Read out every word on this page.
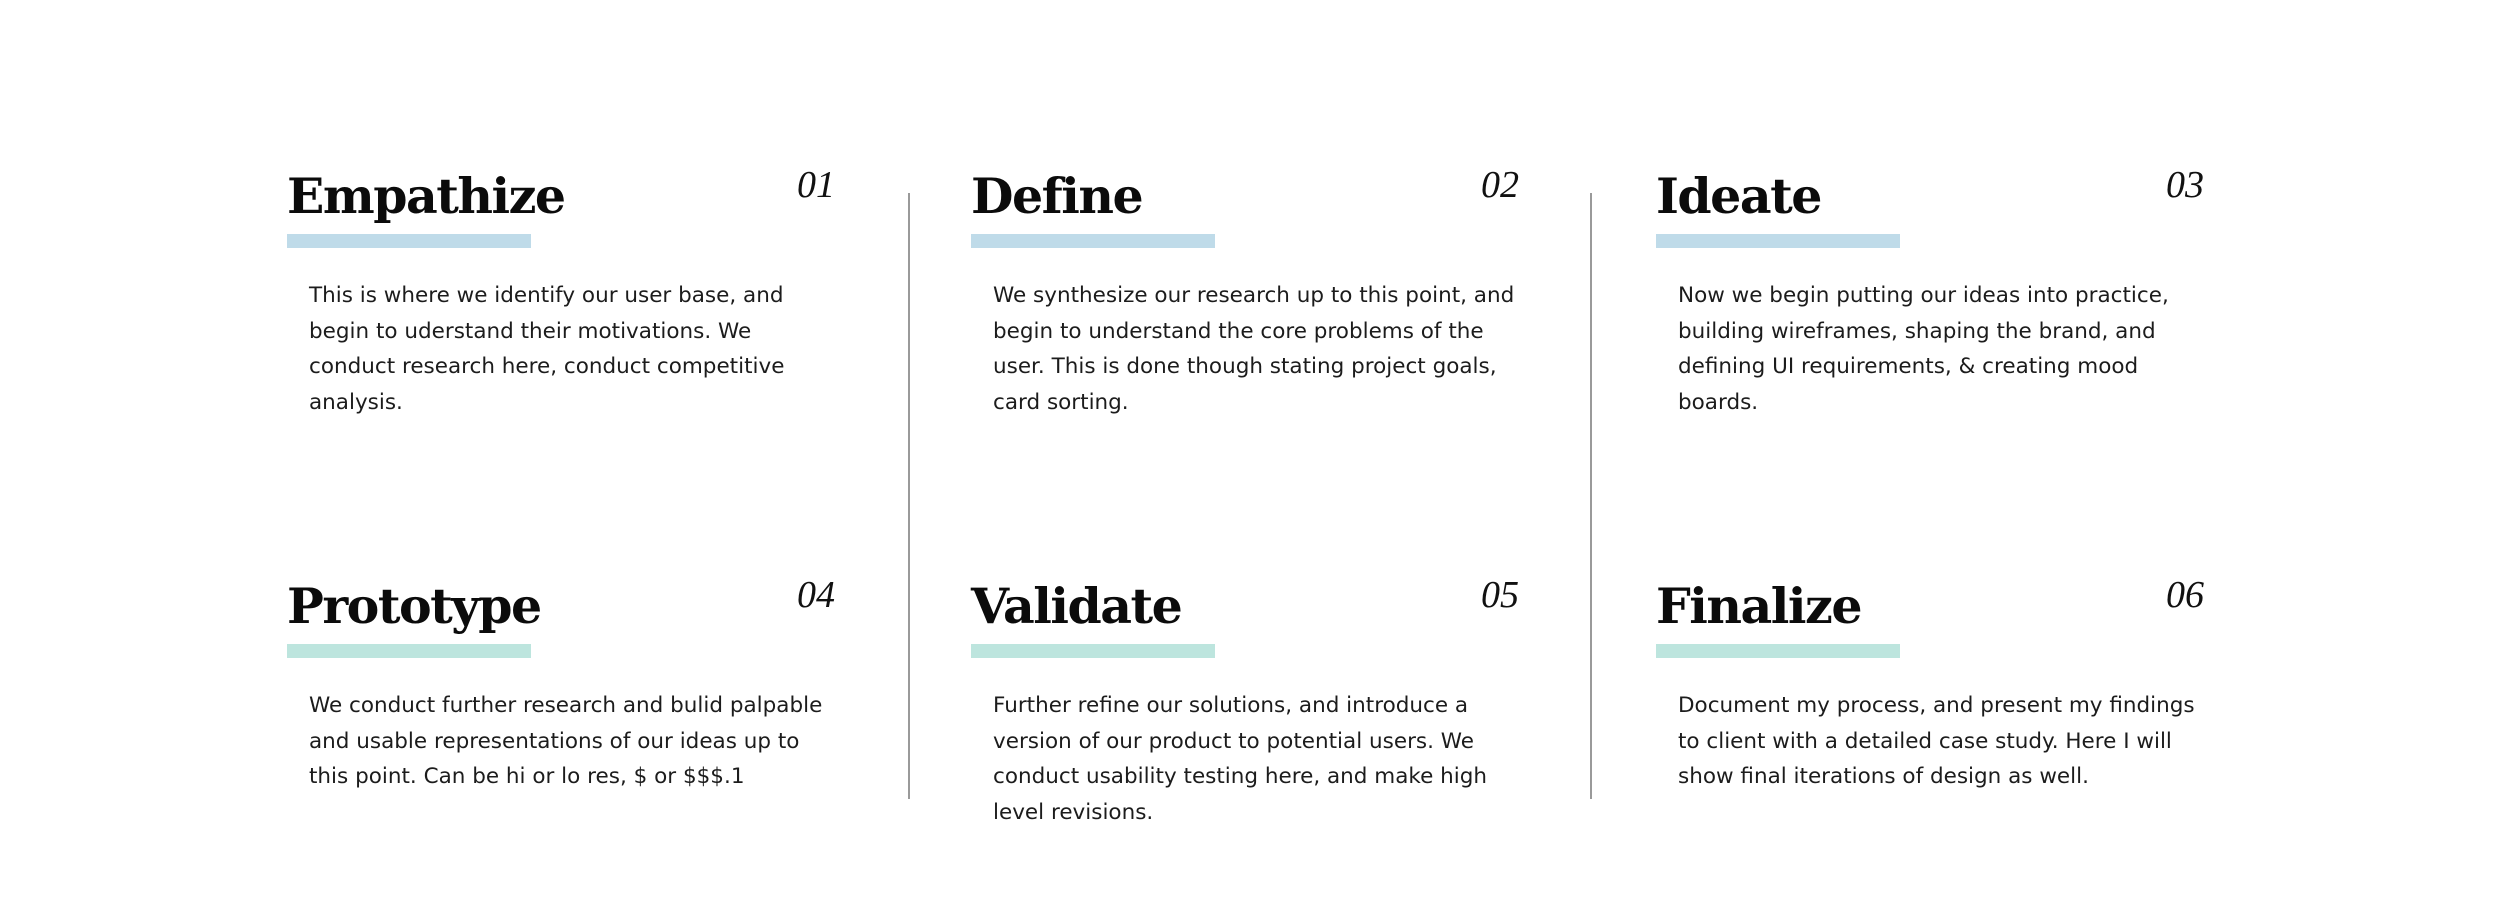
Empathize	01

This is where we identify our user base, and begin to uderstand their motivations. We conduct research here, conduct competitive analysis.

Define	02

We synthesize our research up to this point, and begin to understand the core problems of the user. This is done though stating project goals, card sorting.

Ideate	03

Now we begin putting our ideas into practice, building wireframes, shaping the brand, and defining UI requirements, & creating mood boards.

Prototype	04

We conduct further research and bulid palpable and usable representations of our ideas up to this point. Can be hi or lo res, $ or $$$.1

Validate	05

Further refine our solutions, and introduce a version of our product to potential users. We conduct usability testing here, and make high level revisions.

Finalize	06

Document my process, and present my findings to client with a detailed case study. Here I will show final iterations of design as well.
